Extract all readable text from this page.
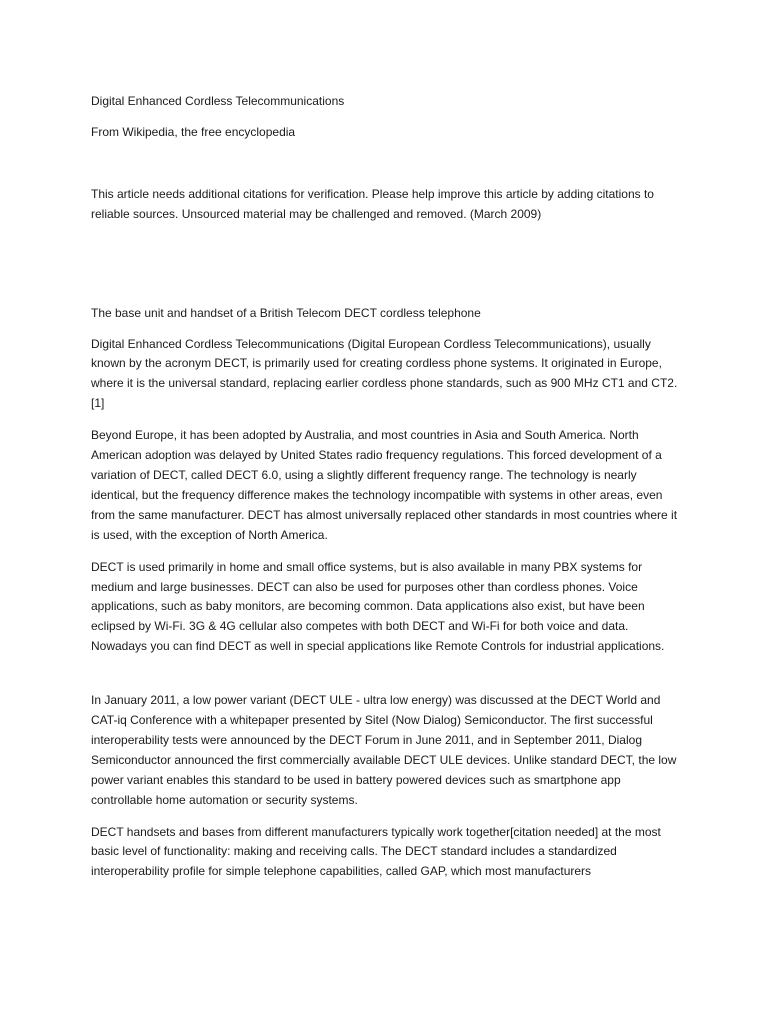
Digital Enhanced Cordless Telecommunications

From Wikipedia, the free encyclopedia

This article needs additional citations for verification. Please help improve this article by adding citations to reliable sources. Unsourced material may be challenged and removed. (March 2009)

The base unit and handset of a British Telecom DECT cordless telephone

Digital Enhanced Cordless Telecommunications (Digital European Cordless Telecommunications), usually known by the acronym DECT, is primarily used for creating cordless phone systems. It originated in Europe, where it is the universal standard, replacing earlier cordless phone standards, such as 900 MHz CT1 and CT2.[1]

Beyond Europe, it has been adopted by Australia, and most countries in Asia and South America. North American adoption was delayed by United States radio frequency regulations. This forced development of a variation of DECT, called DECT 6.0, using a slightly different frequency range. The technology is nearly identical, but the frequency difference makes the technology incompatible with systems in other areas, even from the same manufacturer. DECT has almost universally replaced other standards in most countries where it is used, with the exception of North America.

DECT is used primarily in home and small office systems, but is also available in many PBX systems for medium and large businesses. DECT can also be used for purposes other than cordless phones. Voice applications, such as baby monitors, are becoming common. Data applications also exist, but have been eclipsed by Wi-Fi. 3G & 4G cellular also competes with both DECT and Wi-Fi for both voice and data. Nowadays you can find DECT as well in special applications like Remote Controls for industrial applications.

In January 2011, a low power variant (DECT ULE - ultra low energy) was discussed at the DECT World and CAT-iq Conference with a whitepaper presented by Sitel (Now Dialog) Semiconductor. The first successful interoperability tests were announced by the DECT Forum in June 2011, and in September 2011, Dialog Semiconductor announced the first commercially available DECT ULE devices. Unlike standard DECT, the low power variant enables this standard to be used in battery powered devices such as smartphone app controllable home automation or security systems.

DECT handsets and bases from different manufacturers typically work together[citation needed] at the most basic level of functionality: making and receiving calls. The DECT standard includes a standardized interoperability profile for simple telephone capabilities, called GAP, which most manufacturers
